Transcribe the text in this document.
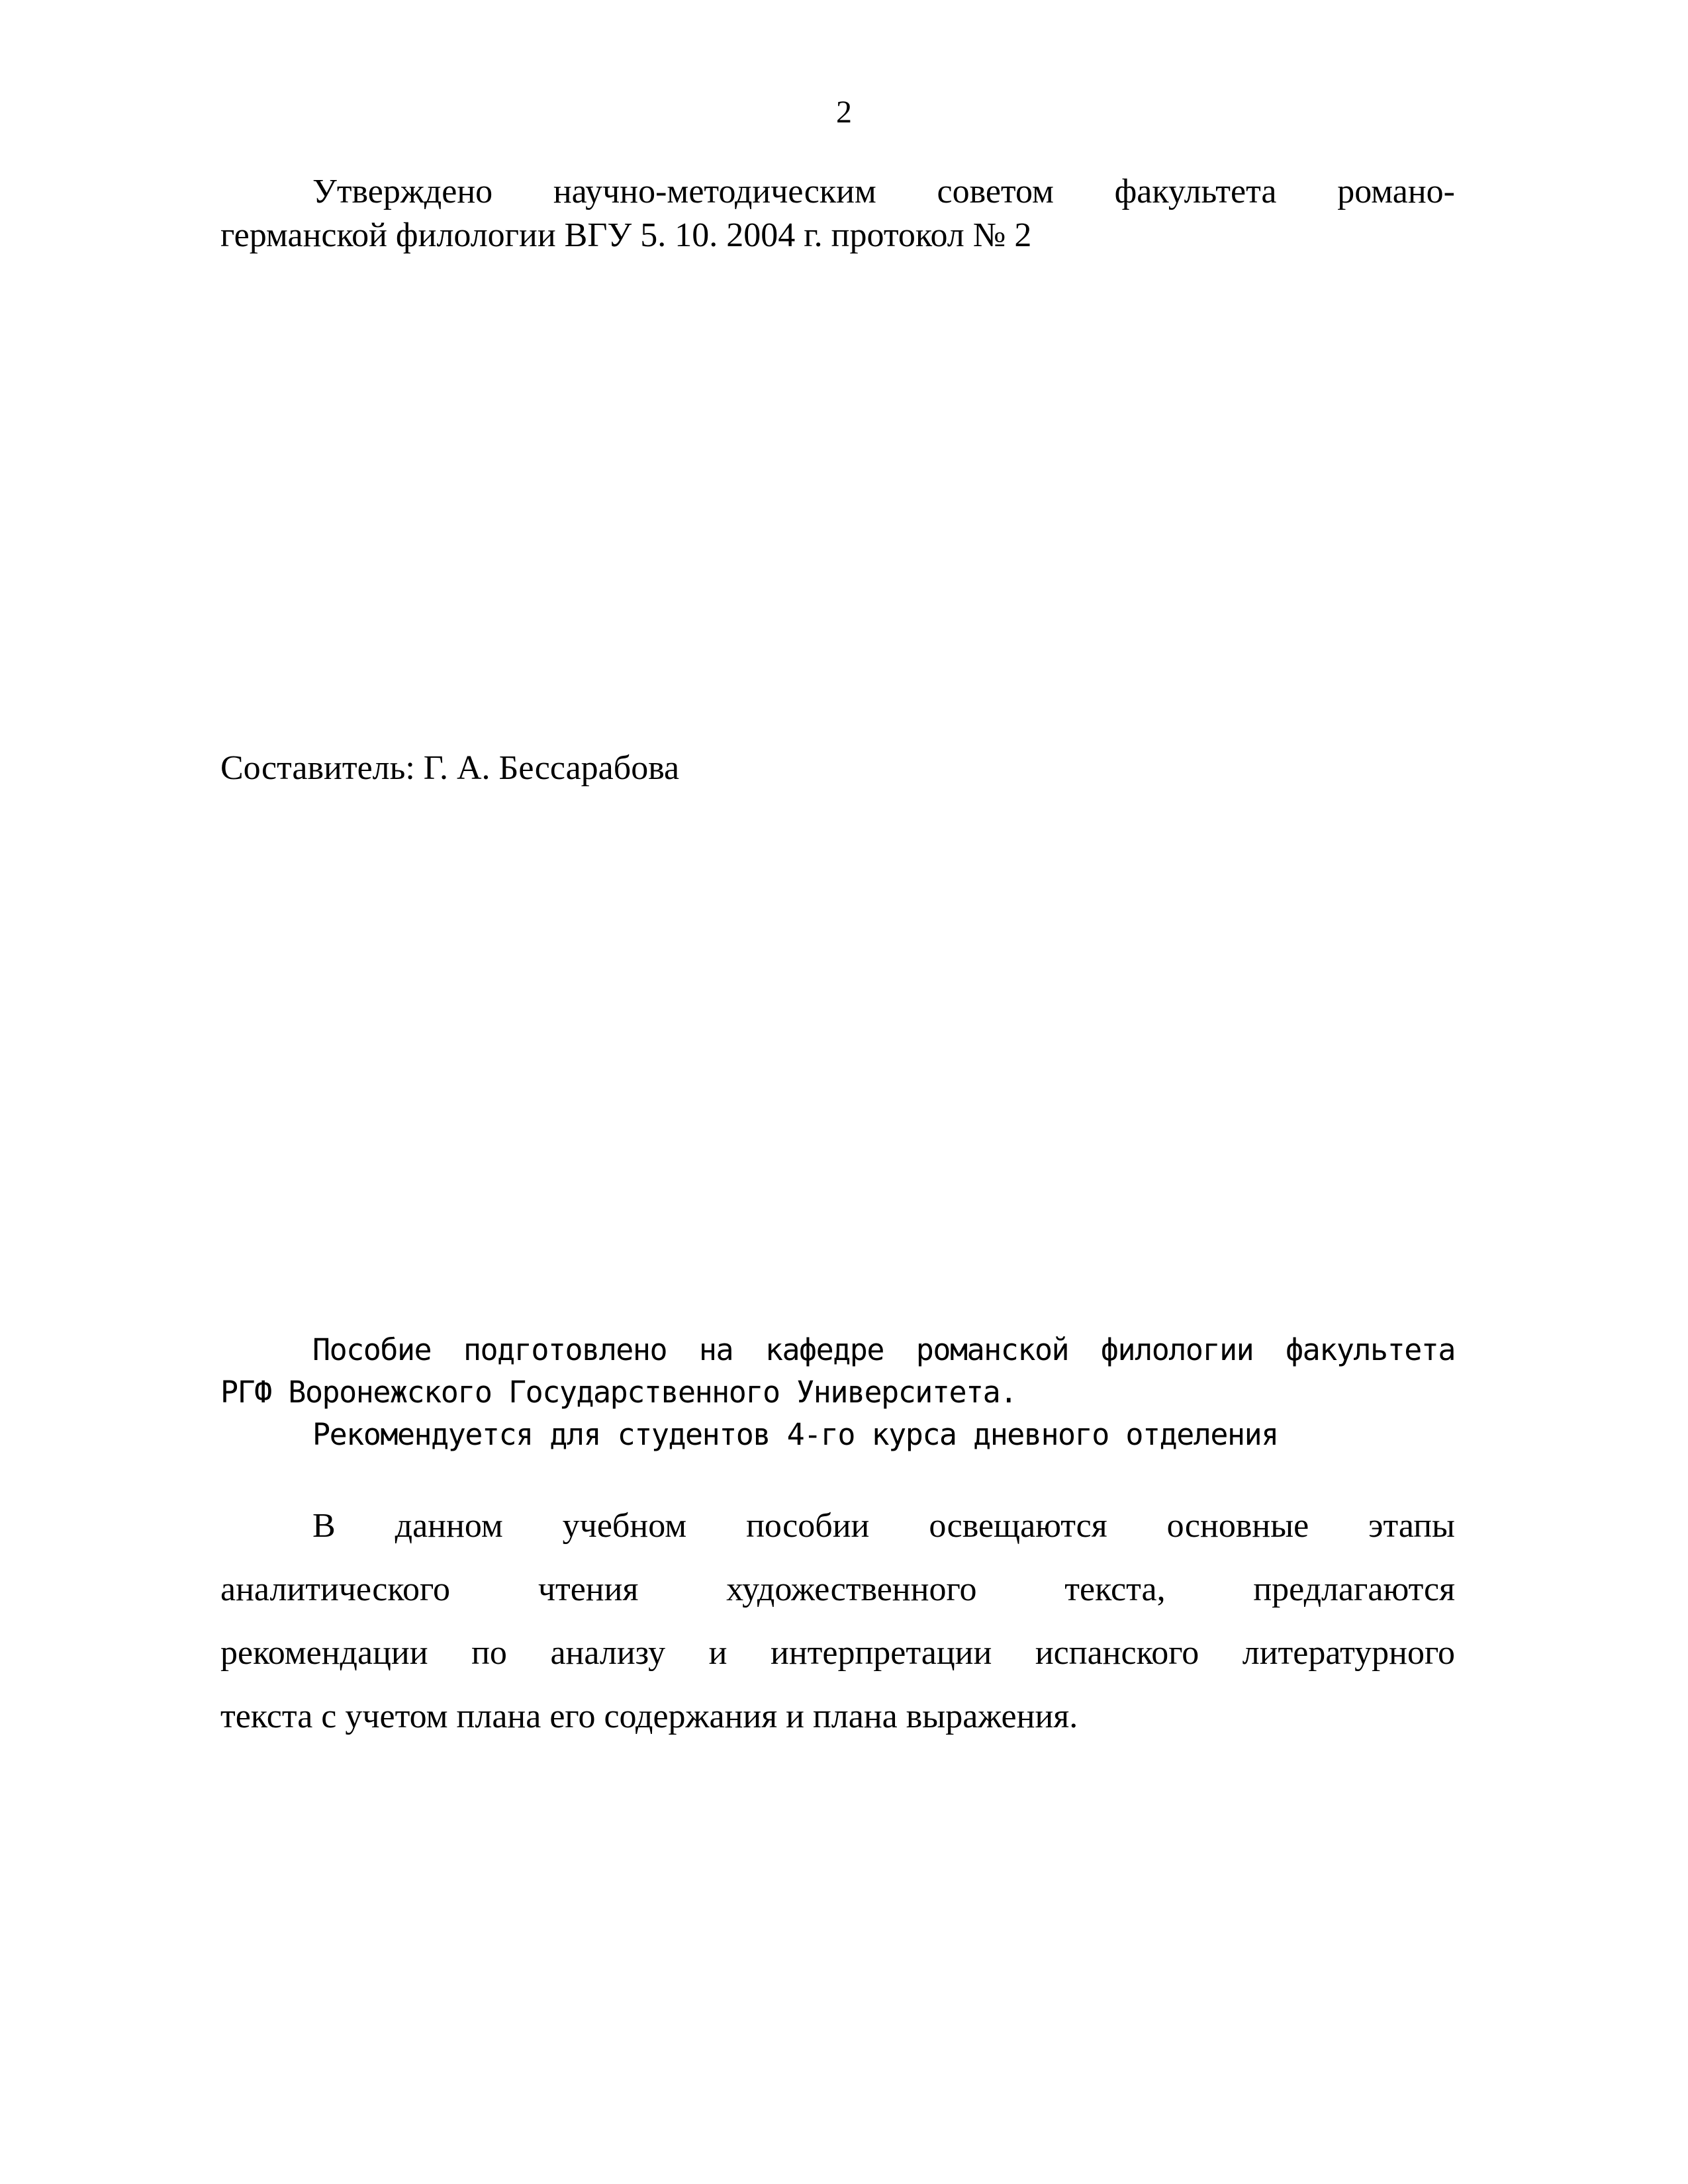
2
Утверждено научно-методическим советом факультета романо-
германской филологии ВГУ 5. 10. 2004 г. протокол № 2
Составитель: Г. А. Бессарабова
Пособие подготовлено на кафедре романской филологии факультета
РГФ Воронежского Государственного Университета.
Рекомендуется для студентов 4-го курса дневного отделения
В данном учебном пособии освещаются основные этапы
аналитического чтения художественного текста, предлагаются
рекомендации по анализу и интерпретации испанского литературного
текста с учетом плана его содержания и плана выражения.
